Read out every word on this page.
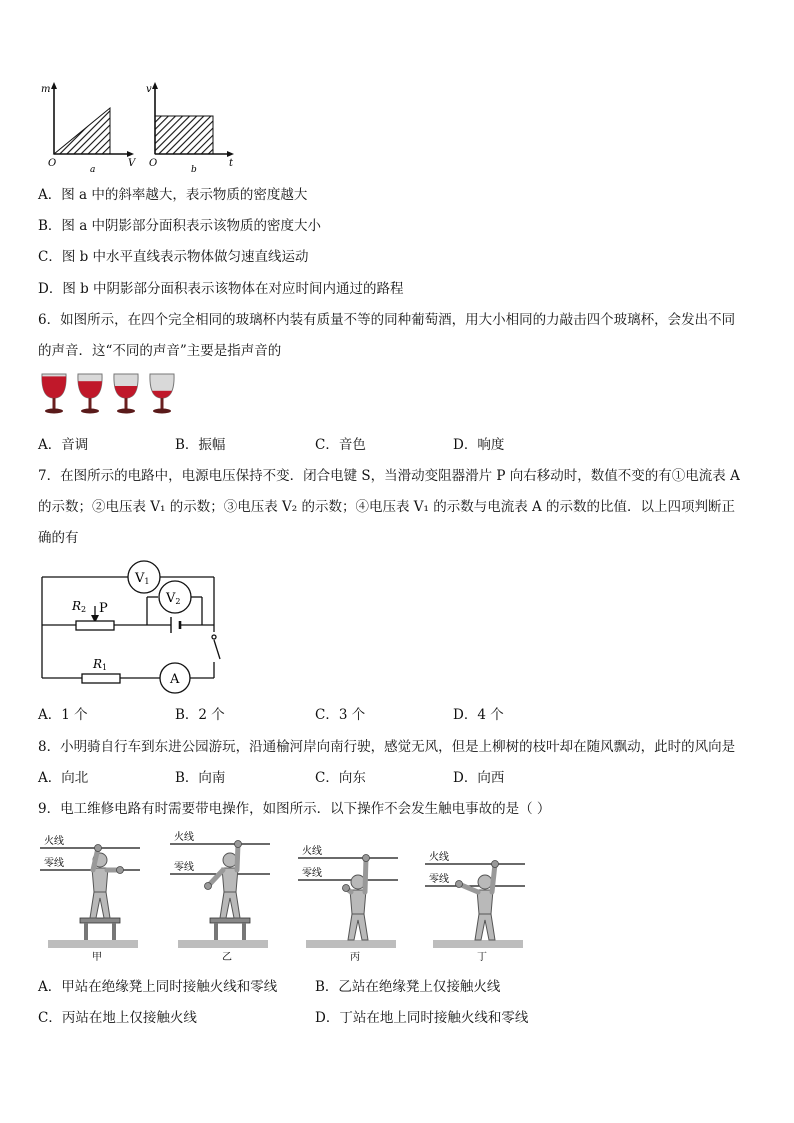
m
O	V
a
v
O	t
b
A．图 a 中的斜率越大，表示物质的密度越大
B．图 a 中阴影部分面积表示该物质的密度大小
C．图 b 中水平直线表示物体做匀速直线运动
D．图 b 中阴影部分面积表示该物体在对应时间内通过的路程
6．如图所示，在四个完全相同的玻璃杯内装有质量不等的同种葡萄酒，用大小相同的力敲击四个玻璃杯，会发出不同
的声音．这“不同的声音”主要是指声音的
A．音调	B．振幅	C．音色	D．响度
7．在图所示的电路中，电源电压保持不变．闭合电键 S，当滑动变阻器滑片 P 向右移动时，数值不变的有①电流表 A
的示数；②电压表 V₁ 的示数；③电压表 V₂ 的示数；④电压表 V₁ 的示数与电流表 A 的示数的比值．以上四项判断正
确的有
V1
V2
A
R2 P
R1
A．1 个	B．2 个	C．3 个	D．4 个
8．小明骑自行车到东进公园游玩，沿通榆河岸向南行驶，感觉无风，但是上柳树的枝叶却在随风飘动，此时的风向是
A．向北	B．向南	C．向东	D．向西
9．电工维修电路有时需要带电操作，如图所示．以下操作不会发生触电事故的是（ ）
火线
零线
甲
火线
零线
乙
火线
零线
丙
火线
零线
丁
A．甲站在绝缘凳上同时接触火线和零线	B．乙站在绝缘凳上仅接触火线
C．丙站在地上仅接触火线	D．丁站在地上同时接触火线和零线
